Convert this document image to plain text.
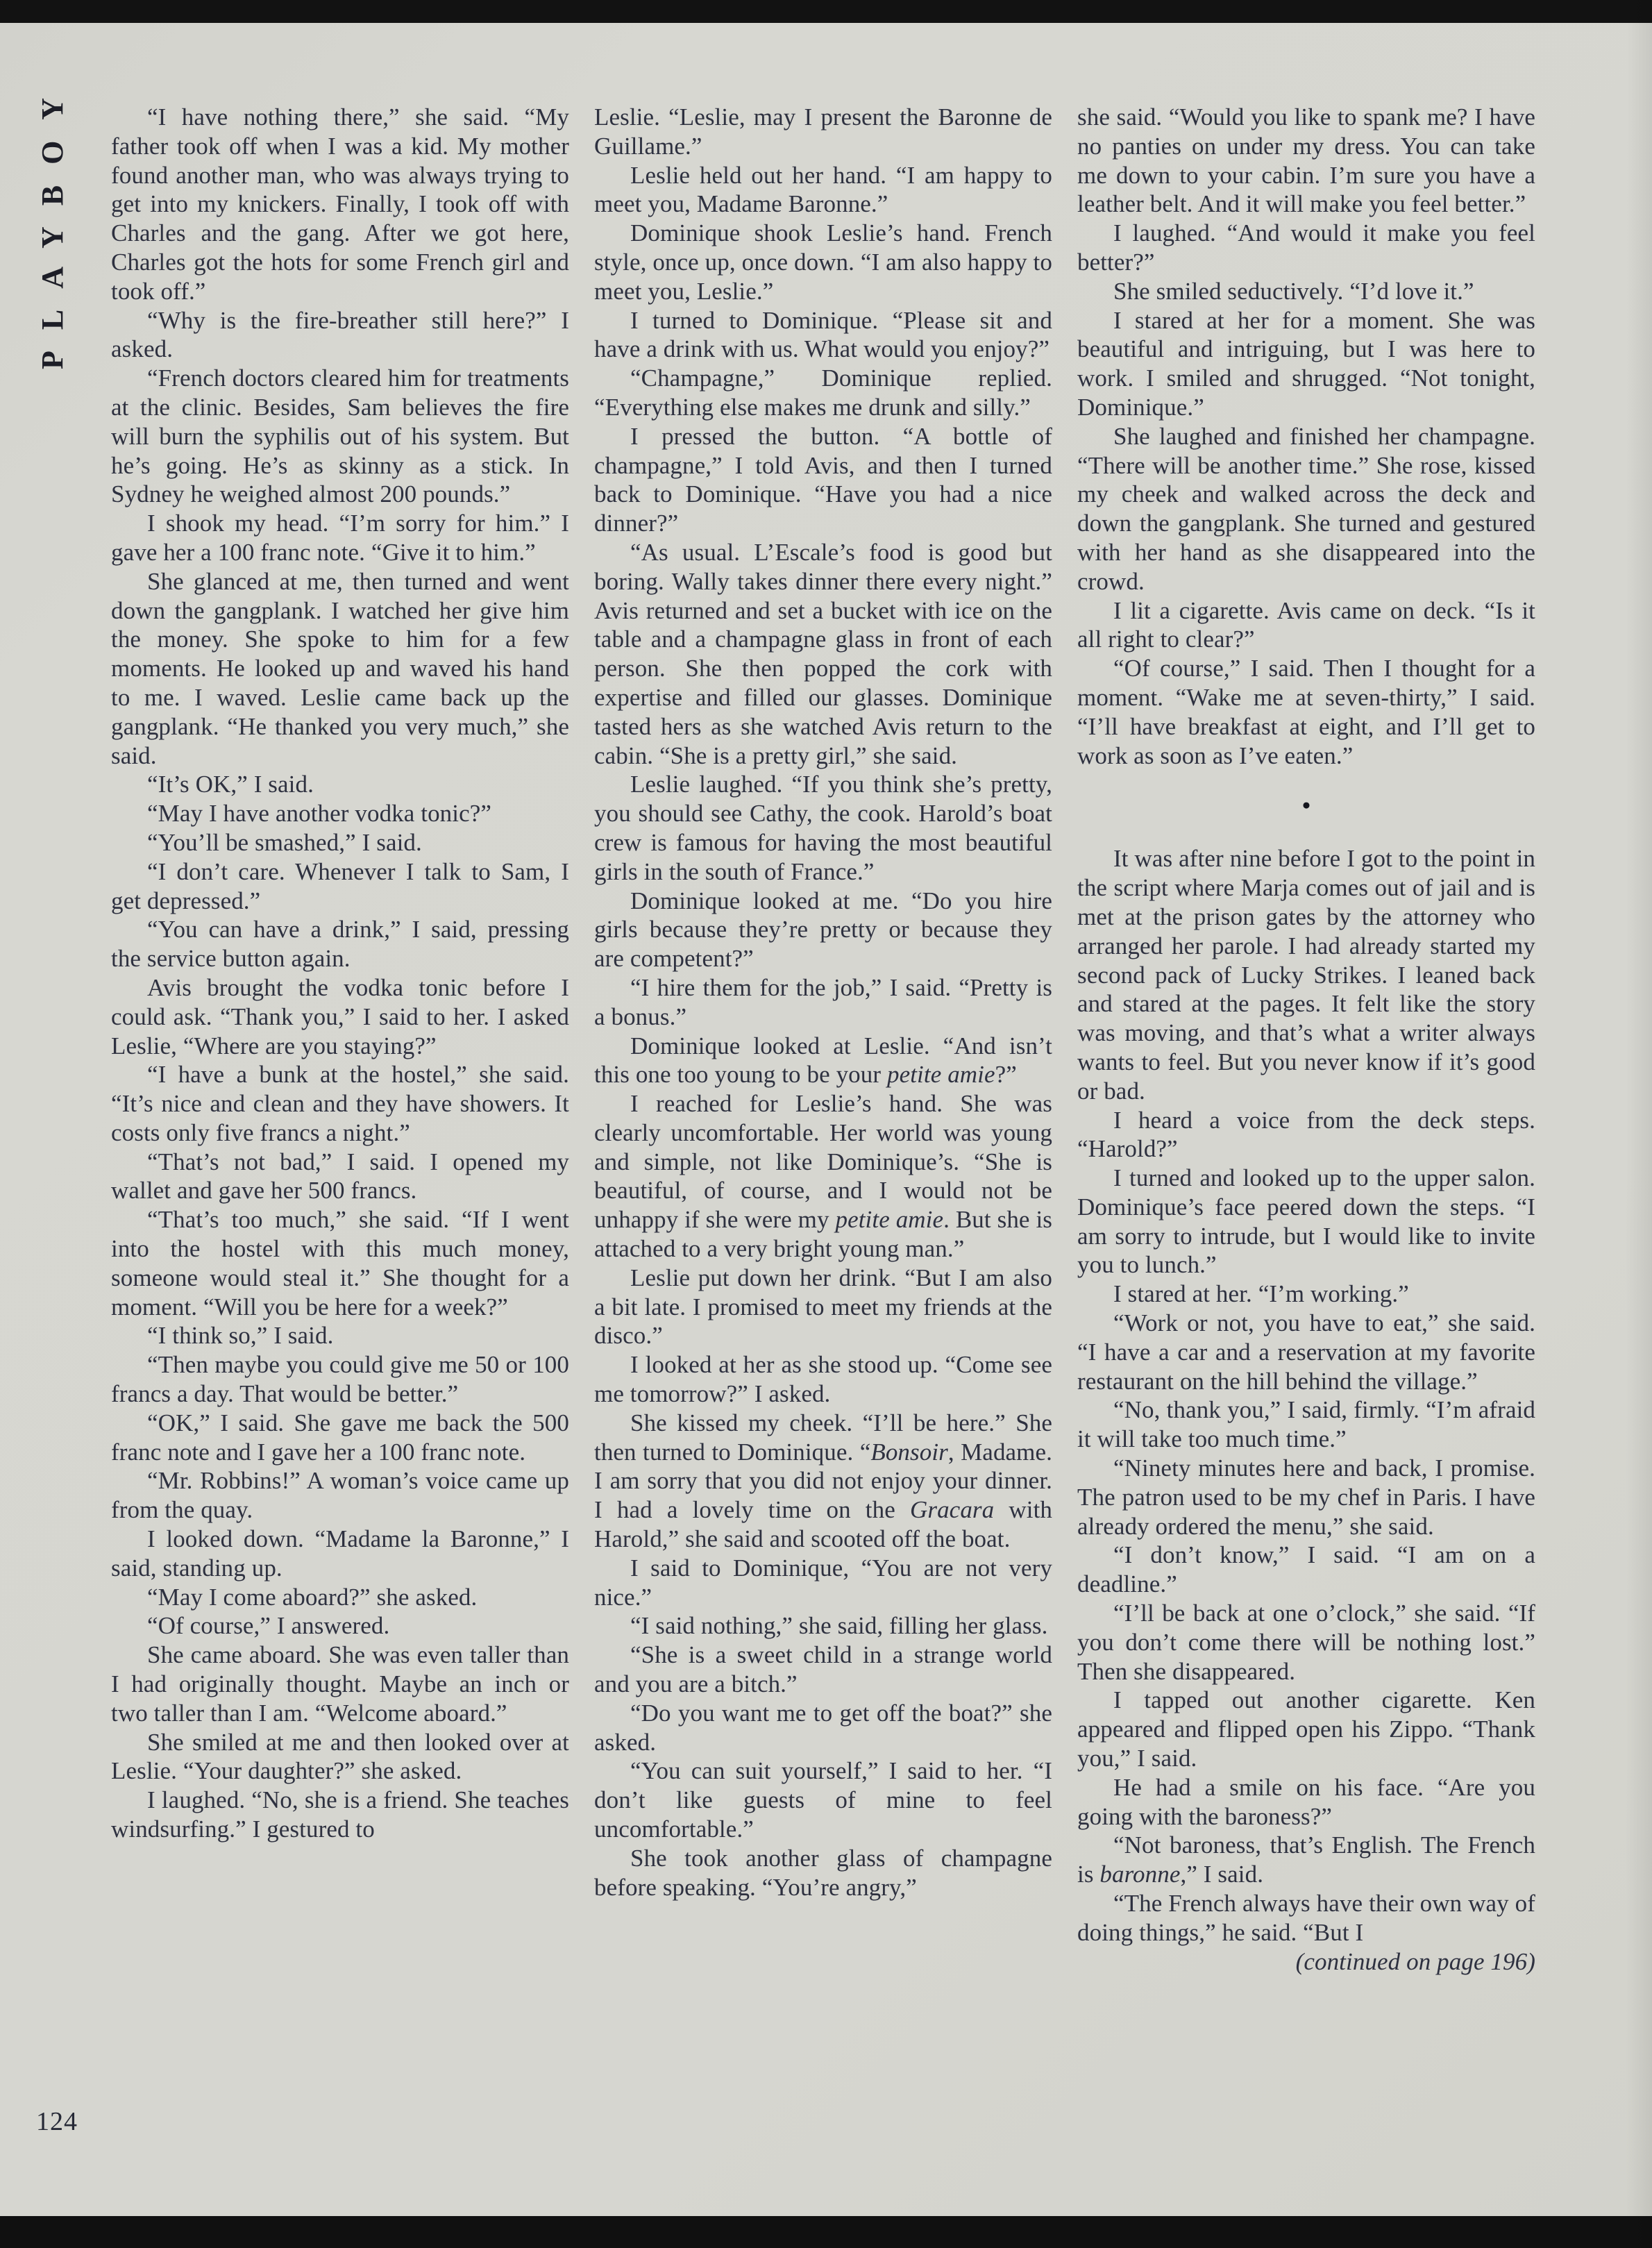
PLAYBOY	“I have nothing there,” she said. “My father took off when I was a kid. My mother found another man, who was always trying to get into my knickers. Finally, I took off with Charles and the gang. After we got here, Charles got the hots for some French girl and took off.”

“Why is the fire-breather still here?” I asked.

“French doctors cleared him for treatments at the clinic. Besides, Sam believes the fire will burn the syphilis out of his system. But he’s going. He’s as skinny as a stick. In Sydney he weighed almost 200 pounds.”

I shook my head. “I’m sorry for him.” I gave her a 100 franc note. “Give it to him.”

She glanced at me, then turned and went down the gangplank. I watched her give him the money. She spoke to him for a few moments. He looked up and waved his hand to me. I waved. Leslie came back up the gangplank. “He thanked you very much,” she said.

“It’s OK,” I said.

“May I have another vodka tonic?”

“You’ll be smashed,” I said.

“I don’t care. Whenever I talk to Sam, I get depressed.”

“You can have a drink,” I said, pressing the service button again.

Avis brought the vodka tonic before I could ask. “Thank you,” I said to her. I asked Leslie, “Where are you staying?”

“I have a bunk at the hostel,” she said. “It’s nice and clean and they have showers. It costs only five francs a night.”

“That’s not bad,” I said. I opened my wallet and gave her 500 francs.

“That’s too much,” she said. “If I went into the hostel with this much money, someone would steal it.” She thought for a moment. “Will you be here for a week?”

“I think so,” I said.

“Then maybe you could give me 50 or 100 francs a day. That would be better.”

“OK,” I said. She gave me back the 500 franc note and I gave her a 100 franc note.

“Mr. Robbins!” A woman’s voice came up from the quay.

I looked down. “Madame la Baronne,” I said, standing up.

“May I come aboard?” she asked.

“Of course,” I answered.

She came aboard. She was even taller than I had originally thought. Maybe an inch or two taller than I am. “Welcome aboard.”

She smiled at me and then looked over at Leslie. “Your daughter?” she asked.

I laughed. “No, she is a friend. She teaches windsurfing.” I gestured to

Leslie. “Leslie, may I present the Baronne de Guillame.”

Leslie held out her hand. “I am happy to meet you, Madame Baronne.”

Dominique shook Leslie’s hand. French style, once up, once down. “I am also happy to meet you, Leslie.”

I turned to Dominique. “Please sit and have a drink with us. What would you enjoy?”

“Champagne,” Dominique replied. “Everything else makes me drunk and silly.”

I pressed the button. “A bottle of champagne,” I told Avis, and then I turned back to Dominique. “Have you had a nice dinner?”

“As usual. L’Escale’s food is good but boring. Wally takes dinner there every night.” Avis returned and set a bucket with ice on the table and a champagne glass in front of each person. She then popped the cork with expertise and filled our glasses. Dominique tasted hers as she watched Avis return to the cabin. “She is a pretty girl,” she said.

Leslie laughed. “If you think she’s pretty, you should see Cathy, the cook. Harold’s boat crew is famous for having the most beautiful girls in the south of France.”

Dominique looked at me. “Do you hire girls because they’re pretty or because they are competent?”

“I hire them for the job,” I said. “Pretty is a bonus.”

Dominique looked at Leslie. “And isn’t this one too young to be your petite amie?”

I reached for Leslie’s hand. She was clearly uncomfortable. Her world was young and simple, not like Dominique’s. “She is beautiful, of course, and I would not be unhappy if she were my petite amie. But she is attached to a very bright young man.”

Leslie put down her drink. “But I am also a bit late. I promised to meet my friends at the disco.”

I looked at her as she stood up. “Come see me tomorrow?” I asked.

She kissed my cheek. “I’ll be here.” She then turned to Dominique. “Bonsoir, Madame. I am sorry that you did not enjoy your dinner. I had a lovely time on the Gracara with Harold,” she said and scooted off the boat.

I said to Dominique, “You are not very nice.”

“I said nothing,” she said, filling her glass.

“She is a sweet child in a strange world and you are a bitch.”

“Do you want me to get off the boat?” she asked.

“You can suit yourself,” I said to her. “I don’t like guests of mine to feel uncomfortable.”

She took another glass of champagne before speaking. “You’re angry,”

she said. “Would you like to spank me? I have no panties on under my dress. You can take me down to your cabin. I’m sure you have a leather belt. And it will make you feel better.”

I laughed. “And would it make you feel better?”

She smiled seductively. “I’d love it.”

I stared at her for a moment. She was beautiful and intriguing, but I was here to work. I smiled and shrugged. “Not tonight, Dominique.”

She laughed and finished her champagne. “There will be another time.” She rose, kissed my cheek and walked across the deck and down the gangplank. She turned and gestured with her hand as she disappeared into the crowd.

I lit a cigarette. Avis came on deck. “Is it all right to clear?”

“Of course,” I said. Then I thought for a moment. “Wake me at seven-thirty,” I said. “I’ll have breakfast at eight, and I’ll get to work as soon as I’ve eaten.”

●

It was after nine before I got to the point in the script where Marja comes out of jail and is met at the prison gates by the attorney who arranged her parole. I had already started my second pack of Lucky Strikes. I leaned back and stared at the pages. It felt like the story was moving, and that’s what a writer always wants to feel. But you never know if it’s good or bad.

I heard a voice from the deck steps. “Harold?”

I turned and looked up to the upper salon. Dominique’s face peered down the steps. “I am sorry to intrude, but I would like to invite you to lunch.”

I stared at her. “I’m working.”

“Work or not, you have to eat,” she said. “I have a car and a reservation at my favorite restaurant on the hill behind the village.”

“No, thank you,” I said, firmly. “I’m afraid it will take too much time.”

“Ninety minutes here and back, I promise. The patron used to be my chef in Paris. I have already ordered the menu,” she said.

“I don’t know,” I said. “I am on a deadline.”

“I’ll be back at one o’clock,” she said. “If you don’t come there will be nothing lost.” Then she disappeared.

I tapped out another cigarette. Ken appeared and flipped open his Zippo. “Thank you,” I said.

He had a smile on his face. “Are you going with the baroness?”

“Not baroness, that’s English. The French is baronne,” I said.

“The French always have their own way of doing things,” he said. “But I

(continued on page 196)

124
